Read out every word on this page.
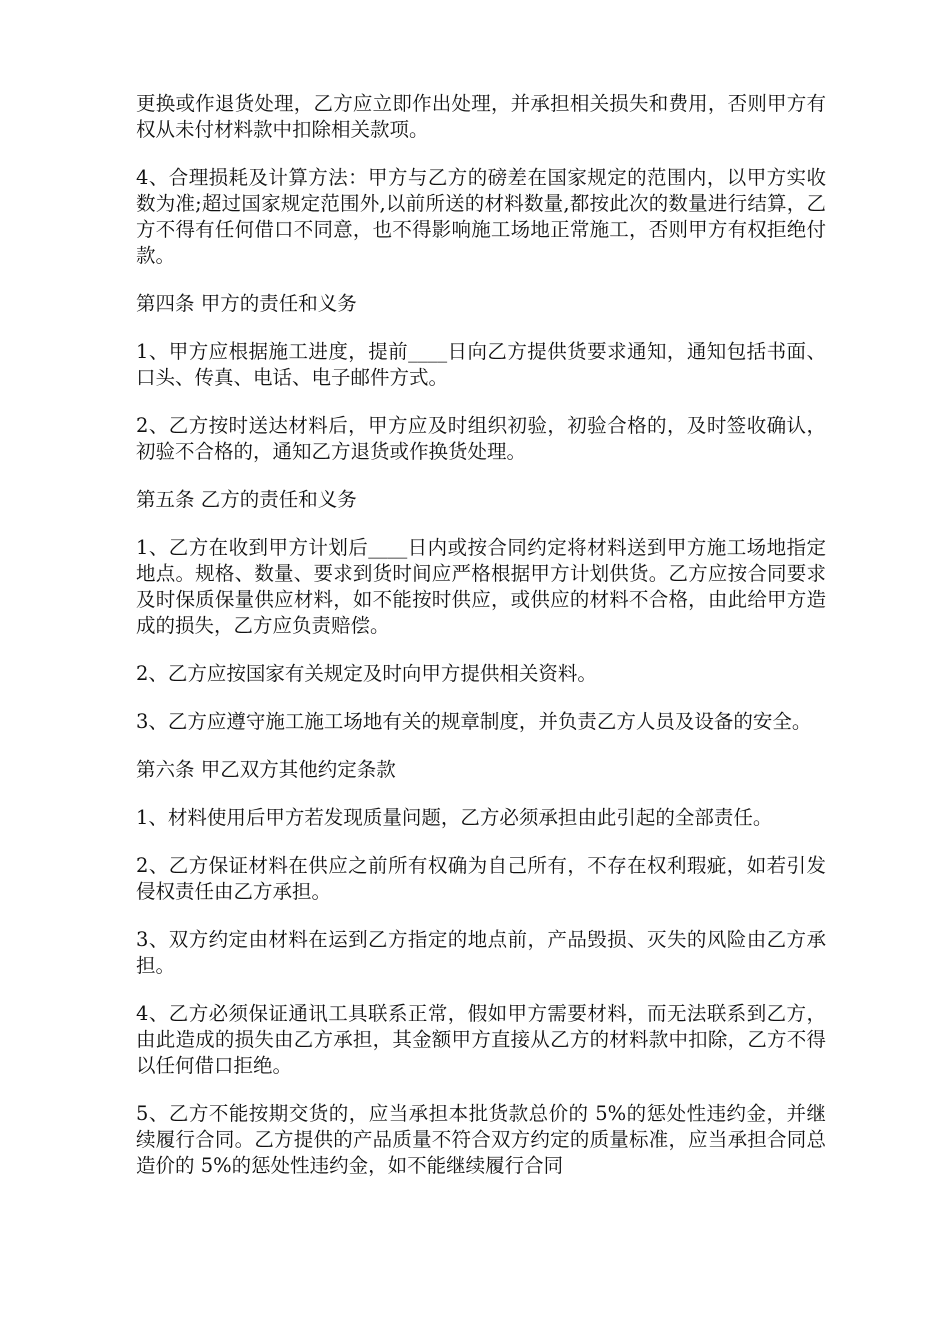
更换或作退货处理，乙方应立即作出处理，并承担相关损失和费用，否则甲方有权从未付材料款中扣除相关款项。

4、合理损耗及计算方法：甲方与乙方的磅差在国家规定的范围内，以甲方实收数为准;超过国家规定范围外,以前所送的材料数量,都按此次的数量进行结算，乙方不得有任何借口不同意，也不得影响施工场地正常施工，否则甲方有权拒绝付款。

第四条 甲方的责任和义务

1、甲方应根据施工进度，提前____日向乙方提供货要求通知，通知包括书面、口头、传真、电话、电子邮件方式。

2、乙方按时送达材料后，甲方应及时组织初验，初验合格的，及时签收确认，初验不合格的，通知乙方退货或作换货处理。

第五条 乙方的责任和义务

1、乙方在收到甲方计划后____日内或按合同约定将材料送到甲方施工场地指定地点。规格、数量、要求到货时间应严格根据甲方计划供货。乙方应按合同要求及时保质保量供应材料，如不能按时供应，或供应的材料不合格，由此给甲方造成的损失，乙方应负责赔偿。

2、乙方应按国家有关规定及时向甲方提供相关资料。

3、乙方应遵守施工施工场地有关的规章制度，并负责乙方人员及设备的安全。

第六条 甲乙双方其他约定条款

1、材料使用后甲方若发现质量问题，乙方必须承担由此引起的全部责任。

2、乙方保证材料在供应之前所有权确为自己所有，不存在权利瑕疵，如若引发侵权责任由乙方承担。

3、双方约定由材料在运到乙方指定的地点前，产品毁损、灭失的风险由乙方承担。

4、乙方必须保证通讯工具联系正常，假如甲方需要材料，而无法联系到乙方，由此造成的损失由乙方承担，其金额甲方直接从乙方的材料款中扣除，乙方不得以任何借口拒绝。

5、乙方不能按期交货的，应当承担本批货款总价的 5%的惩处性违约金，并继续履行合同。乙方提供的产品质量不符合双方约定的质量标准，应当承担合同总造价的 5%的惩处性违约金，如不能继续履行合同
